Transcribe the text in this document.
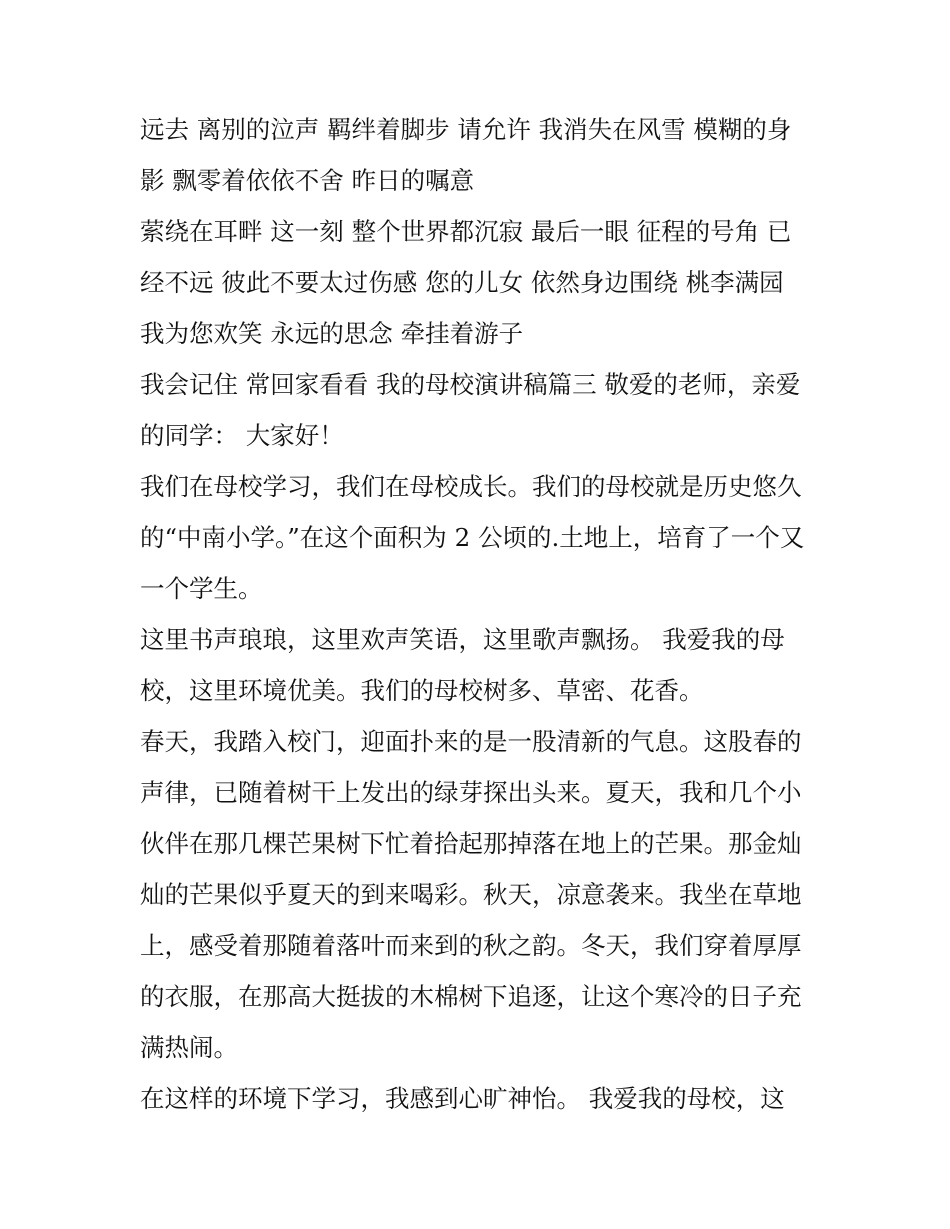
远去 离别的泣声 羁绊着脚步 请允许 我消失在风雪 模糊的身
影 飘零着依依不舍 昨日的嘱意
萦绕在耳畔 这一刻 整个世界都沉寂 最后一眼 征程的号角 已
经不远 彼此不要太过伤感 您的儿女 依然身边围绕 桃李满园
我为您欢笑 永远的思念 牵挂着游子
我会记住 常回家看看 我的母校演讲稿篇三 敬爱的老师，亲爱
的同学： 大家好！
我们在母校学习，我们在母校成长。我们的母校就是历史悠久
的“中南小学。”在这个面积为 2 公顷的.土地上，培育了一个又
一个学生。
这里书声琅琅，这里欢声笑语，这里歌声飘扬。 我爱我的母
校，这里环境优美。我们的母校树多、草密、花香。
春天，我踏入校门，迎面扑来的是一股清新的气息。这股春的
声律，已随着树干上发出的绿芽探出头来。夏天，我和几个小
伙伴在那几棵芒果树下忙着拾起那掉落在地上的芒果。那金灿
灿的芒果似乎夏天的到来喝彩。秋天，凉意袭来。我坐在草地
上，感受着那随着落叶而来到的秋之韵。冬天，我们穿着厚厚
的衣服，在那高大挺拔的木棉树下追逐，让这个寒冷的日子充
满热闹。
在这样的环境下学习，我感到心旷神怡。 我爱我的母校，这
